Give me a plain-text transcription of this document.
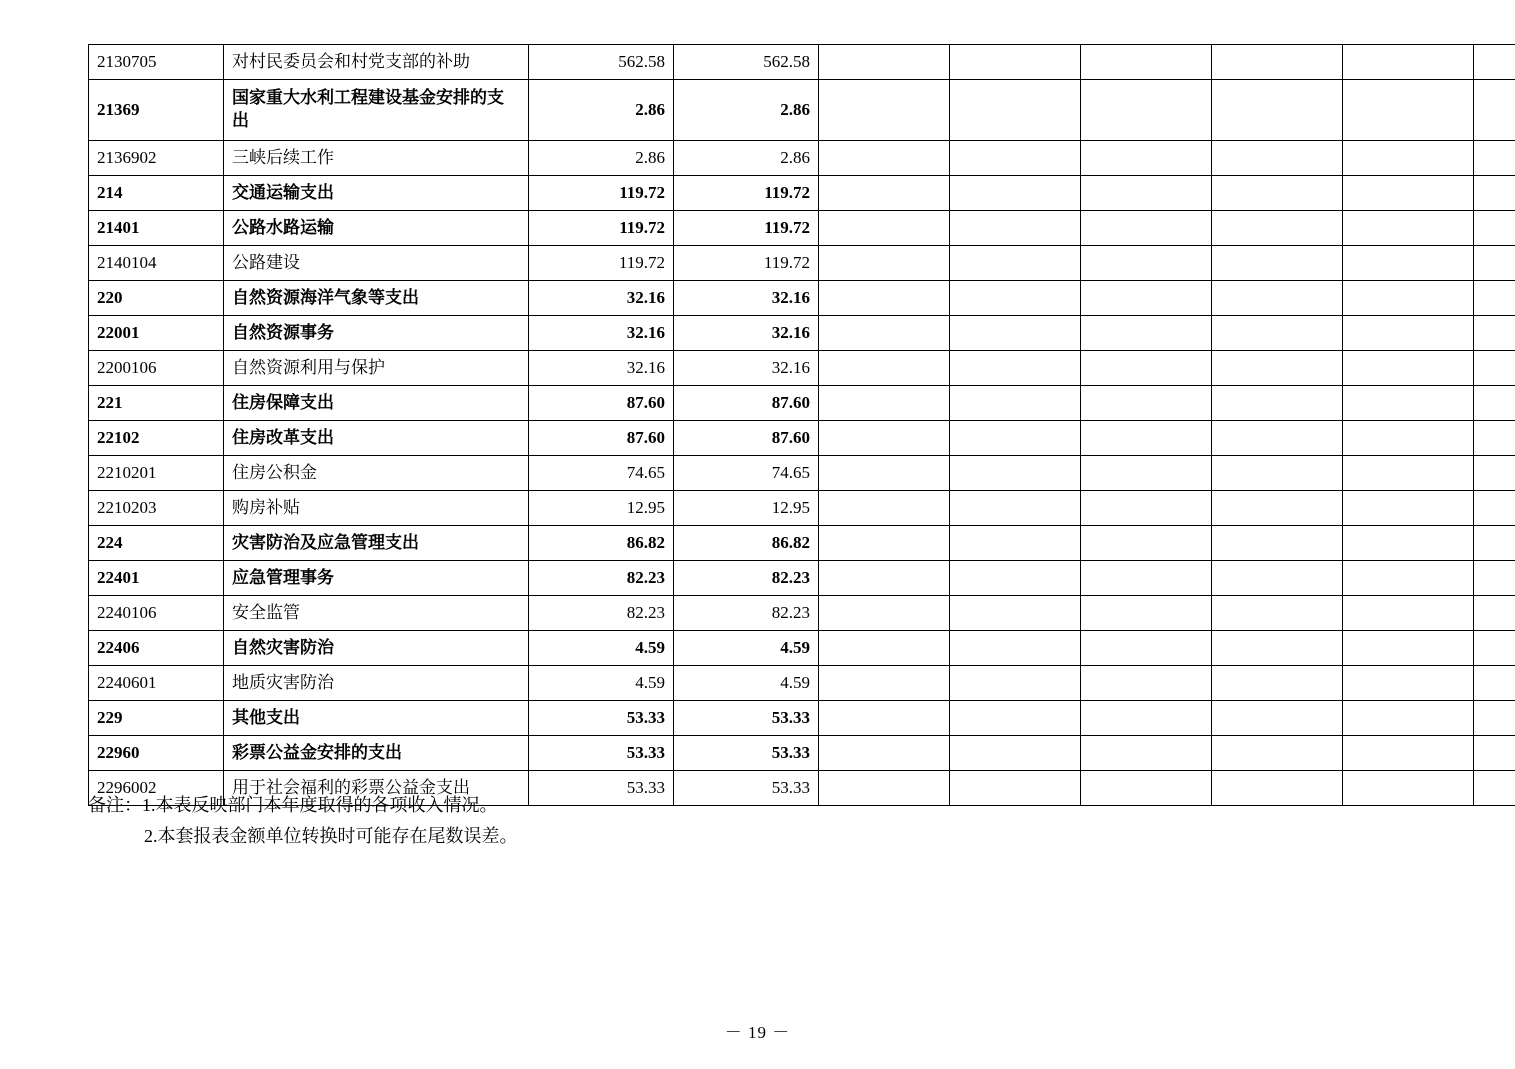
2130705	对村民委员会和村党支部的补助	562.58	562.58						
21369	国家重大水利工程建设基金安排的支出	2.86	2.86						
2136902	三峡后续工作	2.86	2.86						
214	交通运输支出	119.72	119.72						
21401	公路水路运输	119.72	119.72						
2140104	公路建设	119.72	119.72						
220	自然资源海洋气象等支出	32.16	32.16						
22001	自然资源事务	32.16	32.16						
2200106	自然资源利用与保护	32.16	32.16						
221	住房保障支出	87.60	87.60						
22102	住房改革支出	87.60	87.60						
2210201	住房公积金	74.65	74.65						
2210203	购房补贴	12.95	12.95						
224	灾害防治及应急管理支出	86.82	86.82						
22401	应急管理事务	82.23	82.23						
2240106	安全监管	82.23	82.23						
22406	自然灾害防治	4.59	4.59						
2240601	地质灾害防治	4.59	4.59						
229	其他支出	53.33	53.33						
22960	彩票公益金安排的支出	53.33	53.33						
2296002	用于社会福利的彩票公益金支出	53.33	53.33						

备注：1.本表反映部门本年度取得的各项收入情况。

2.本套报表金额单位转换时可能存在尾数误差。

－ 19 －
